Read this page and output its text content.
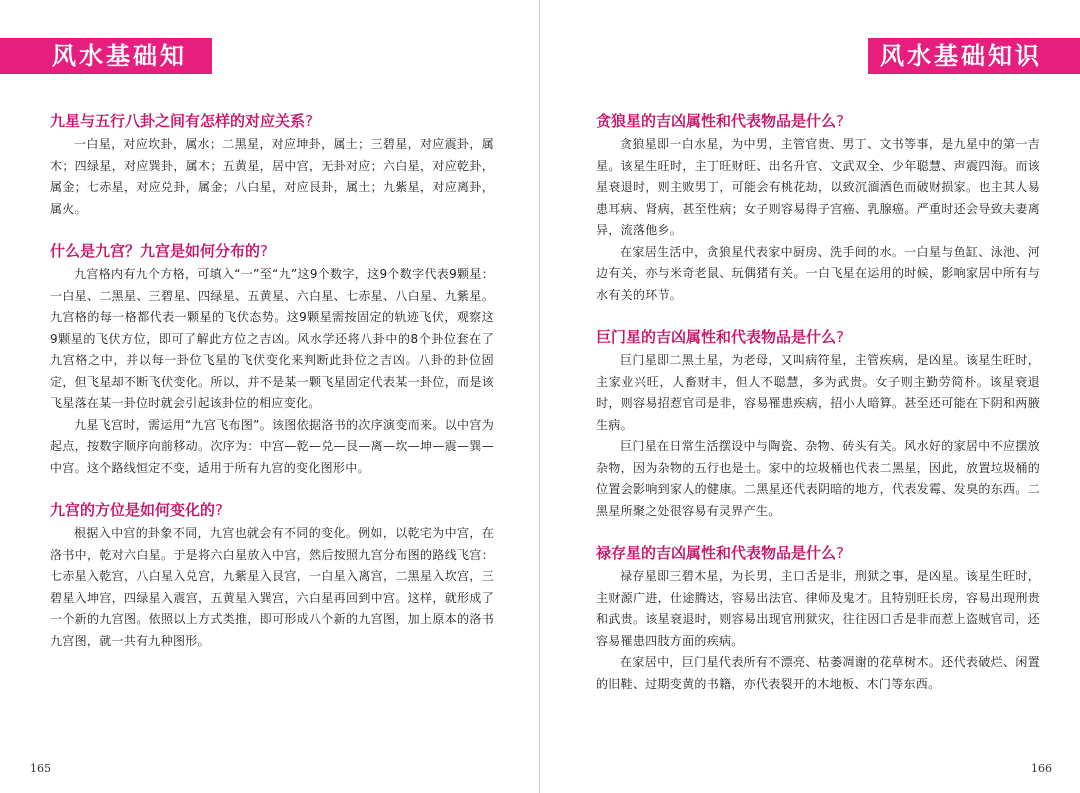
风水基础知识
九星与五行八卦之间有怎样的对应关系?

一白星，对应坎卦，属水；二黑星，对应坤卦，属土；三碧星，对应震卦，属木；四绿星，对应巽卦，属木；五黄星，居中宫，无卦对应；六白星，对应乾卦，属金；七赤星，对应兑卦，属金；八白星，对应艮卦，属土；九紫星，对应离卦，属火。

什么是九宫？九宫是如何分布的?

九宫格内有九个方格，可填入“一”至“九”这9个数字，这9个数字代表9颗星：一白星、二黑星、三碧星、四绿星、五黄星、六白星、七赤星、八白星、九紫星。九宫格的每一格都代表一颗星的飞伏态势。这9颗星需按固定的轨迹飞伏，观察这9颗星的飞伏方位，即可了解此方位之吉凶。风水学还将八卦中的8个卦位套在了九宫格之中，并以每一卦位飞星的飞伏变化来判断此卦位之吉凶。八卦的卦位固定，但飞星却不断飞伏变化。所以，并不是某一颗飞星固定代表某一卦位，而是该飞星落在某一卦位时就会引起该卦位的相应变化。

九星飞宫时，需运用“九宫飞布图”。该图依据洛书的次序演变而来。以中宫为起点，按数字顺序向前移动。次序为：中宫—乾—兑—艮—离—坎—坤—震—巽—中宫。这个路线恒定不变，适用于所有九宫的变化图形中。

九宫的方位是如何变化的?

根据入中宫的卦象不同，九宫也就会有不同的变化。例如，以乾宅为中宫，在洛书中，乾对六白星。于是将六白星放入中宫，然后按照九宫分布图的路线飞宫：七赤星入乾宫，八白星入兑宫，九紫星入艮宫，一白星入离宫，二黑星入坎宫，三碧星入坤宫，四绿星入震宫，五黄星入巽宫，六白星再回到中宫。这样，就形成了一个新的九宫图。依照以上方式类推，即可形成八个新的九宫图，加上原本的洛书九宫图，就一共有九种图形。

165
风水基础知识
贪狼星的吉凶属性和代表物品是什么?

贪狼星即一白水星，为中男，主管官贵、男丁、文书等事，是九星中的第一吉星。该星生旺时，主丁旺财旺、出名升官、文武双全、少年聪慧、声震四海。而该星衰退时，则主败男丁，可能会有桃花劫，以致沉湎酒色而破财损家。也主其人易患耳病、肾病，甚至性病；女子则容易得子宫癌、乳腺癌。严重时还会导致夫妻离异，流落他乡。

在家居生活中，贪狼星代表家中厨房、洗手间的水。一白星与鱼缸、泳池、河边有关，亦与米奇老鼠、玩偶猪有关。一白飞星在运用的时候，影响家居中所有与水有关的环节。

巨门星的吉凶属性和代表物品是什么?

巨门星即二黑土星，为老母，又叫病符星，主管疾病，是凶星。该星生旺时，主家业兴旺，人畜财丰，但人不聪慧，多为武贵。女子则主勤劳简朴。该星衰退时，则容易招惹官司是非，容易罹患疾病，招小人暗算。甚至还可能在下阴和两腋生病。

巨门星在日常生活摆设中与陶瓷、杂物、砖头有关。风水好的家居中不应摆放杂物，因为杂物的五行也是土。家中的垃圾桶也代表二黑星，因此，放置垃圾桶的位置会影响到家人的健康。二黑星还代表阴暗的地方，代表发霉、发臭的东西。二黑星所聚之处很容易有灵界产生。

禄存星的吉凶属性和代表物品是什么?

禄存星即三碧木星，为长男，主口舌是非，刑狱之事，是凶星。该星生旺时，主财源广进，仕途腾达，容易出法官、律师及鬼才。且特别旺长房，容易出现刑贵和武贵。该星衰退时，则容易出现官刑狱灾，往往因口舌是非而惹上盗贼官司，还容易罹患四肢方面的疾病。

在家居中，巨门星代表所有不漂亮、枯萎凋谢的花草树木。还代表破烂、闲置的旧鞋、过期变黄的书籍，亦代表裂开的木地板、木门等东西。

166
